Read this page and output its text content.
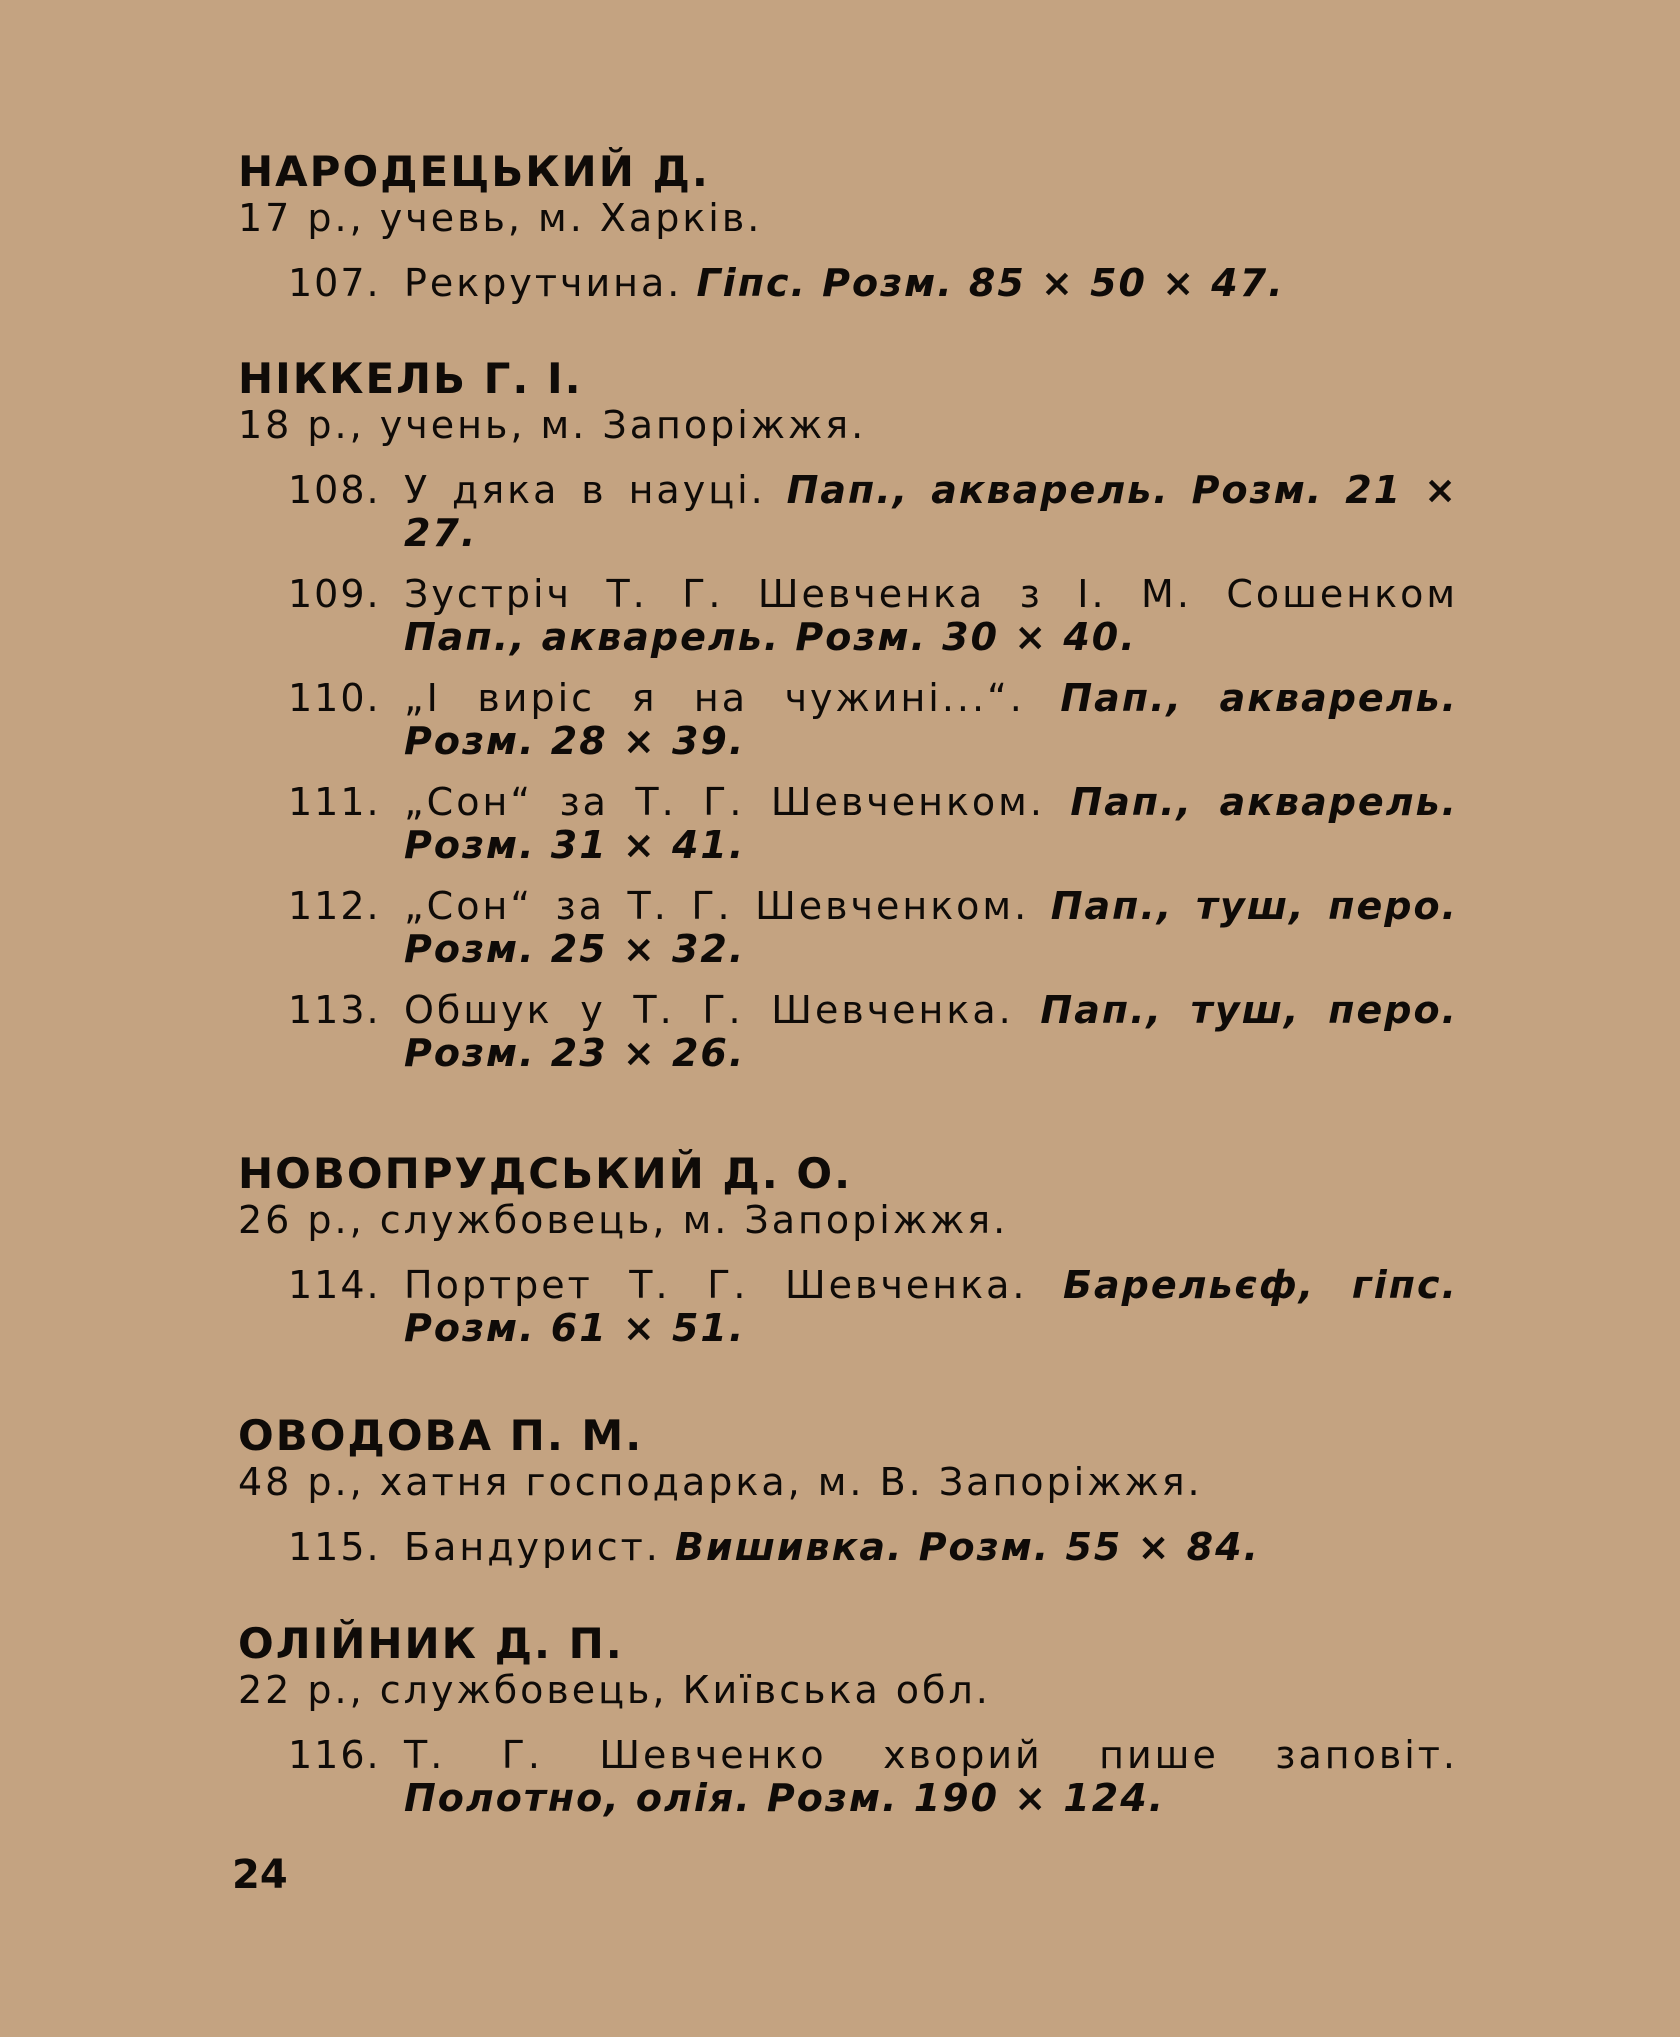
НАРОДЕЦЬКИЙ Д.
17 р., учевь, м. Харків.
107. Рекрутчина. Гіпс. Розм. 85 × 50 × 47.
НІККЕЛЬ Г. І.
18 р., учень, м. Запоріжжя.
108. У дяка в науці. Пап., акварель. Розм. 21 × 27.
109. Зустріч Т. Г. Шевченка з І. М. Сошенком Пап., акварель. Розм. 30 × 40.
110. „І виріс я на чужині...“. Пап., акварель. Розм. 28 × 39.
111. „Сон“ за Т. Г. Шевченком. Пап., акварель. Розм. 31 × 41.
112. „Сон“ за Т. Г. Шевченком. Пап., туш, перо. Розм. 25 × 32.
113. Обшук у Т. Г. Шевченка. Пап., туш, перо. Розм. 23 × 26.
НОВОПРУДСЬКИЙ Д. О.
26 р., службовець, м. Запоріжжя.
114. Портрет Т. Г. Шевченка. Барельєф, гіпс. Розм. 61 × 51.
ОВОДОВА П. М.
48 р., хатня господарка, м. В. Запоріжжя.
115. Бандурист. Вишивка. Розм. 55 × 84.
ОЛІЙНИК Д. П.
22 р., службовець, Київська обл.
116. Т. Г. Шевченко хворий пише заповіт. Полотно, олія. Розм. 190 × 124.
24
